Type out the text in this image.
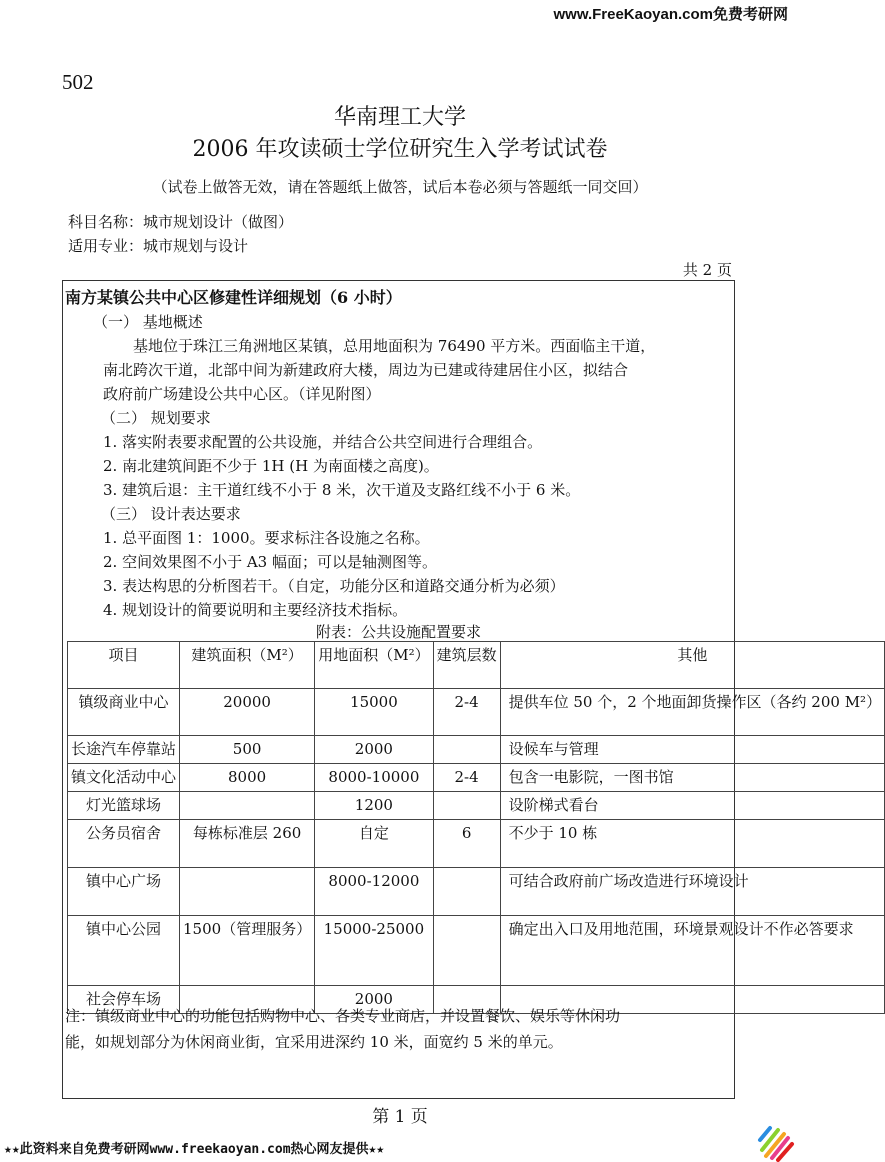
www.FreeKaoyan.com免费考研网
502
华南理工大学
2006 年攻读硕士学位研究生入学考试试卷
（试卷上做答无效，请在答题纸上做答，试后本卷必须与答题纸一同交回）
科目名称：城市规划设计（做图）
适用专业：城市规划与设计
共 2 页
南方某镇公共中心区修建性详细规划（6 小时）
（一） 基地概述
　　基地位于珠江三角洲地区某镇，总用地面积为 76490 平方米。西面临主干道，
南北跨次干道，北部中间为新建政府大楼，周边为已建或待建居住小区，拟结合
政府前广场建设公共中心区。（详见附图）
（二） 规划要求
1. 落实附表要求配置的公共设施，并结合公共空间进行合理组合。
2. 南北建筑间距不少于 1H (H 为南面楼之高度)。
3. 建筑后退：主干道红线不小于 8 米，次干道及支路红线不小于 6 米。
（三） 设计表达要求
1. 总平面图 1：1000。要求标注各设施之名称。
2. 空间效果图不小于 A3 幅面；可以是轴测图等。
3. 表达构思的分析图若干。（自定，功能分区和道路交通分析为必须）
4. 规划设计的简要说明和主要经济技术指标。
附表：公共设施配置要求
项目	建筑面积（M²）	用地面积（M²）	建筑层数	其他
镇级商业中心	20000	15000	2-4	提供车位 50 个，2 个地面卸货操作区（各约 200 M²）
长途汽车停靠站	500	2000		设候车与管理
镇文化活动中心	8000	8000-10000	2-4	包含一电影院，一图书馆
灯光篮球场		1200		设阶梯式看台
公务员宿舍	每栋标准层 260	自定	6	不少于 10 栋
镇中心广场		8000-12000		可结合政府前广场改造进行环境设计
镇中心公园	1500（管理服务）	15000-25000		确定出入口及用地范围，环境景观设计不作必答要求
社会停车场		2000		
注：镇级商业中心的功能包括购物中心、各类专业商店，并设置餐饮、娱乐等休闲功
能，如规划部分为休闲商业街，宜采用进深约 10 米，面宽约 5 米的单元。
第 1 页
★★此资料来自免费考研网www.freekaoyan.com热心网友提供★★
